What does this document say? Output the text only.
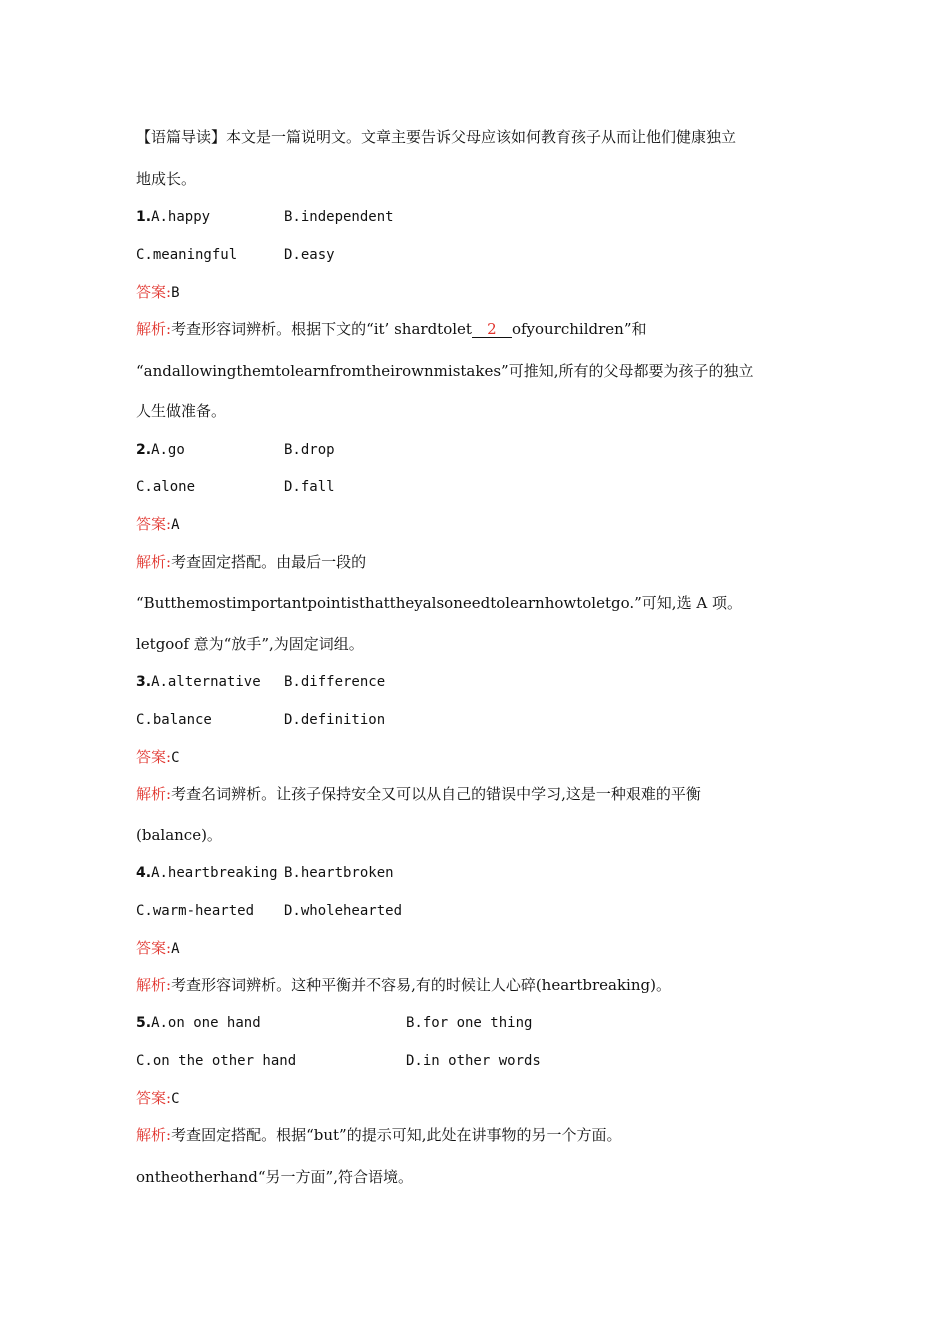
【语篇导读】本文是一篇说明文。文章主要告诉父母应该如何教育孩子从而让他们健康独立
地成长。
1.A.happy	B.independent
C.meaningful	D.easy
答案:B
解析:考查形容词辨析。根据下文的“it’ shardtolet 2 ofyourchildren”和
“andallowingthemtolearnfromtheirownmistakes”可推知,所有的父母都要为孩子的独立
人生做准备。
2.A.go	B.drop
C.alone	D.fall
答案:A
解析:考查固定搭配。由最后一段的
“Butthemostimportantpointisthattheyalsoneedtolearnhowtoletgo.”可知,选 A 项。
letgoof 意为“放手”,为固定词组。
3.A.alternative B.difference
C.balance	D.definition
答案:C
解析:考查名词辨析。让孩子保持安全又可以从自己的错误中学习,这是一种艰难的平衡
(balance)。
4.A.heartbreaking B.heartbroken
C.warm-hearted D.wholehearted
答案:A
解析:考查形容词辨析。这种平衡并不容易,有的时候让人心碎(heartbreaking)。
5.A.on one hand	B.for one thing
C.on the other hand	D.in other words
答案:C
解析:考查固定搭配。根据“but”的提示可知,此处在讲事物的另一个方面。
ontheotherhand“另一方面”,符合语境。
